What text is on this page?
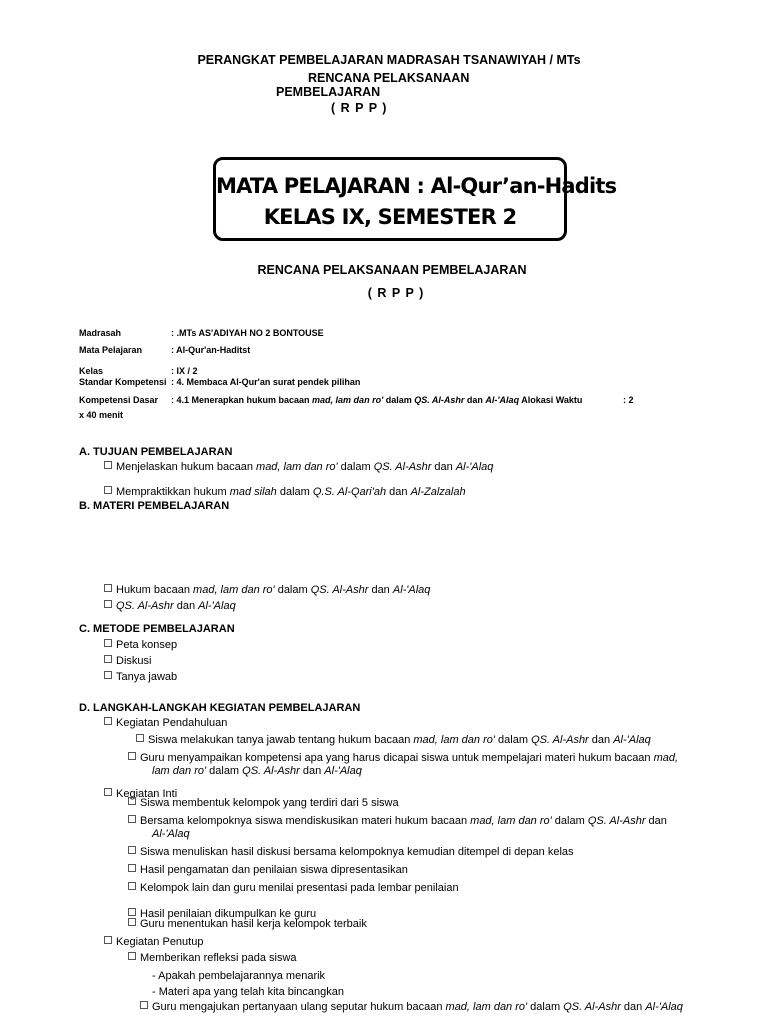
PERANGKAT PEMBELAJARAN MADRASAH TSANAWIYAH / MTs
RENCANA PELAKSANAAN
PEMBELAJARAN
( R P P )
MATA PELAJARAN : Al-Qur’an-Hadits
KELAS IX, SEMESTER 2
RENCANA PELAKSANAAN PEMBELAJARAN
( R P P )
Madrasah	: .MTs AS'ADIYAH NO 2 BONTOUSE
Mata Pelajaran	: Al-Qur'an-Haditst
Kelas	: IX / 2
Standar Kompetensi : 4. Membaca Al-Qur'an surat pendek pilihan
Kompetensi Dasar : 4.1 Menerapkan hukum bacaan mad, lam dan ro' dalam QS. Al-Ashr dan Al-'Alaq Alokasi Waktu	: 2
x 40 menit
A. TUJUAN PEMBELAJARAN
Menjelaskan hukum bacaan mad, lam dan ro' dalam QS. Al-Ashr dan Al-'Alaq
Mempraktikkan hukum mad silah dalam Q.S. Al-Qari'ah dan Al-Zalzalah
B. MATERI PEMBELAJARAN
Hukum bacaan mad, lam dan ro' dalam QS. Al-Ashr dan Al-'Alaq
QS. Al-Ashr dan Al-'Alaq
C. METODE PEMBELAJARAN
Peta konsep
Diskusi
Tanya jawab
D. LANGKAH-LANGKAH KEGIATAN PEMBELAJARAN
Kegiatan Pendahuluan
Siswa melakukan tanya jawab tentang hukum bacaan mad, lam dan ro' dalam QS. Al-Ashr dan Al-'Alaq
Guru menyampaikan kompetensi apa yang harus dicapai siswa untuk mempelajari materi hukum bacaan mad,
lam dan ro' dalam QS. Al-Ashr dan Al-'Alaq
Kegiatan Inti
Siswa membentuk kelompok yang terdiri dari 5 siswa
Bersama kelompoknya siswa mendiskusikan materi hukum bacaan mad, lam dan ro' dalam QS. Al-Ashr dan
Al-'Alaq
Siswa menuliskan hasil diskusi bersama kelompoknya kemudian ditempel di depan kelas
Hasil pengamatan dan penilaian siswa dipresentasikan
Kelompok lain dan guru menilai presentasi pada lembar penilaian
Hasil penilaian dikumpulkan ke guru
Guru menentukan hasil kerja kelompok terbaik
Kegiatan Penutup
Memberikan refleksi pada siswa
- Apakah pembelajarannya menarik
- Materi apa yang telah kita bincangkan
Guru mengajukan pertanyaan ulang seputar hukum bacaan mad, lam dan ro' dalam QS. Al-Ashr dan Al-'Alaq
